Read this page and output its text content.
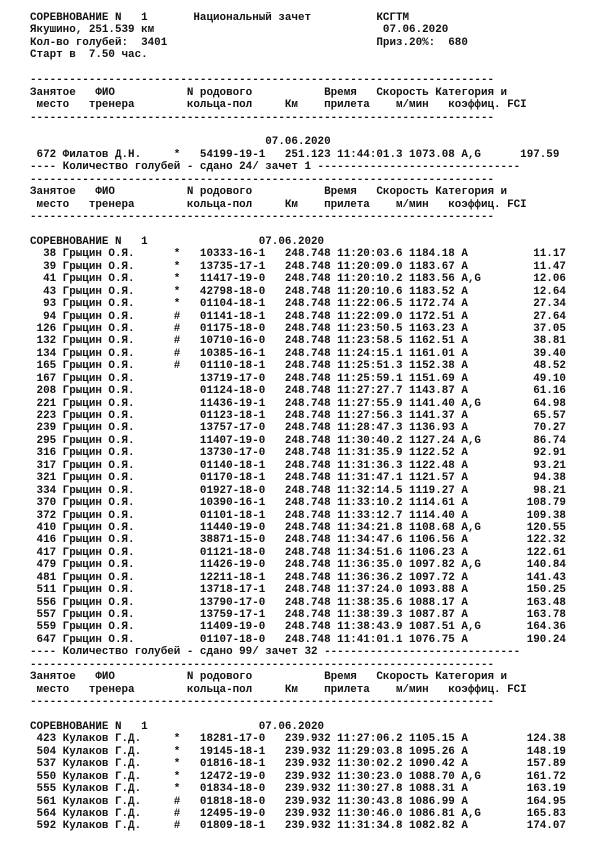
СОРЕВНОВАНИЕ N   1       Национальный зачет          КСГТМ
Якушино, 251.539 км                                   07.06.2020
Кол-во голубей:  3401                                Приз.20%:  680
Старт в  7.50 час.

-----------------------------------------------------------------------
Занятое   ФИО           N родового           Время   Скорость Категория и
место   тренера        кольца-пол     Км    прилета    м/мин   коэффиц. FCI
-----------------------------------------------------------------------

07.06.2020
672 Филатов Д.Н.     *   54199-19-1   251.123 11:44:01.3 1073.08 A,G      197.59
---- Количество голубей - сдано 24/ зачет 1 -------------------------------
-----------------------------------------------------------------------
Занятое   ФИО           N родового           Время   Скорость Категория и
место   тренера        кольца-пол     Км    прилета    м/мин   коэффиц. FCI
-----------------------------------------------------------------------

СОРЕВНОВАНИЕ N   1                 07.06.2020
38 Грыцин О.Я.      *   10333-16-1   248.748 11:20:03.6 1184.18 A          11.17
39 Грыцин О.Я.      *   13735-17-1   248.748 11:20:09.0 1183.67 A          11.47
41 Грыцин О.Я.      *   11417-19-0   248.748 11:20:10.2 1183.56 A,G        12.06
43 Грыцин О.Я.      *   42798-18-0   248.748 11:20:10.6 1183.52 A          12.64
93 Грыцин О.Я.      *   01104-18-1   248.748 11:22:06.5 1172.74 A          27.34
94 Грыцин О.Я.      #   01141-18-1   248.748 11:22:09.0 1172.51 A          27.64
126 Грыцин О.Я.      #   01175-18-0   248.748 11:23:50.5 1163.23 A          37.05
132 Грыцин О.Я.      #   10710-16-0   248.748 11:23:58.5 1162.51 A          38.81
134 Грыцин О.Я.      #   10385-16-1   248.748 11:24:15.1 1161.01 A          39.40
165 Грыцин О.Я.      #   01110-18-1   248.748 11:25:51.3 1152.38 A          48.52
167 Грыцин О.Я.          13719-17-0   248.748 11:25:59.1 1151.69 A          49.10
208 Грыцин О.Я.          01124-18-0   248.748 11:27:27.7 1143.87 A          61.16
221 Грыцин О.Я.          11436-19-1   248.748 11:27:55.9 1141.40 A,G        64.98
223 Грыцин О.Я.          01123-18-1   248.748 11:27:56.3 1141.37 A          65.57
239 Грыцин О.Я.          13757-17-0   248.748 11:28:47.3 1136.93 A          70.27
295 Грыцин О.Я.          11407-19-0   248.748 11:30:40.2 1127.24 A,G        86.74
316 Грыцин О.Я.          13730-17-0   248.748 11:31:35.9 1122.52 A          92.91
317 Грыцин О.Я.          01140-18-1   248.748 11:31:36.3 1122.48 A          93.21
321 Грыцин О.Я.          01170-18-1   248.748 11:31:47.1 1121.57 A          94.38
334 Грыцин О.Я.          01927-18-0   248.748 11:32:14.5 1119.27 A          98.21
370 Грыцин О.Я.          10390-16-1   248.748 11:33:10.2 1114.61 A         108.79
372 Грыцин О.Я.          01101-18-1   248.748 11:33:12.7 1114.40 A         109.38
410 Грыцин О.Я.          11440-19-0   248.748 11:34:21.8 1108.68 A,G       120.55
416 Грыцин О.Я.          38871-15-0   248.748 11:34:47.6 1106.56 A         122.32
417 Грыцин О.Я.          01121-18-0   248.748 11:34:51.6 1106.23 A         122.61
479 Грыцин О.Я.          11426-19-0   248.748 11:36:35.0 1097.82 A,G       140.84
481 Грыцин О.Я.          12211-18-1   248.748 11:36:36.2 1097.72 A         141.43
511 Грыцин О.Я.          13718-17-1   248.748 11:37:24.0 1093.88 A         150.25
556 Грыцин О.Я.          13790-17-0   248.748 11:38:35.6 1088.17 A         163.48
557 Грыцин О.Я.          13759-17-1   248.748 11:38:39.3 1087.87 A         163.78
559 Грыцин О.Я.          11409-19-0   248.748 11:38:43.9 1087.51 A,G       164.36
647 Грыцин О.Я.          01107-18-0   248.748 11:41:01.1 1076.75 A         190.24
---- Количество голубей - сдано 99/ зачет 32 ------------------------------
-----------------------------------------------------------------------
Занятое   ФИО           N родового           Время   Скорость Категория и
место   тренера        кольца-пол     Км    прилета    м/мин   коэффиц. FCI
-----------------------------------------------------------------------

СОРЕВНОВАНИЕ N   1                 07.06.2020
423 Кулаков Г.Д.     *   18281-17-0   239.932 11:27:06.2 1105.15 A         124.38
504 Кулаков Г.Д.     *   19145-18-1   239.932 11:29:03.8 1095.26 A         148.19
537 Кулаков Г.Д.     *   01816-18-1   239.932 11:30:02.2 1090.42 A         157.89
550 Кулаков Г.Д.     *   12472-19-0   239.932 11:30:23.0 1088.70 A,G       161.72
555 Кулаков Г.Д.     *   01834-18-0   239.932 11:30:27.8 1088.31 A         163.19
561 Кулаков Г.Д.     #   01818-18-0   239.932 11:30:43.8 1086.99 A         164.95
564 Кулаков Г.Д.     #   12495-19-0   239.932 11:30:46.0 1086.81 A,G       165.83
592 Кулаков Г.Д.     #   01809-18-1   239.932 11:31:34.8 1082.82 A         174.07
